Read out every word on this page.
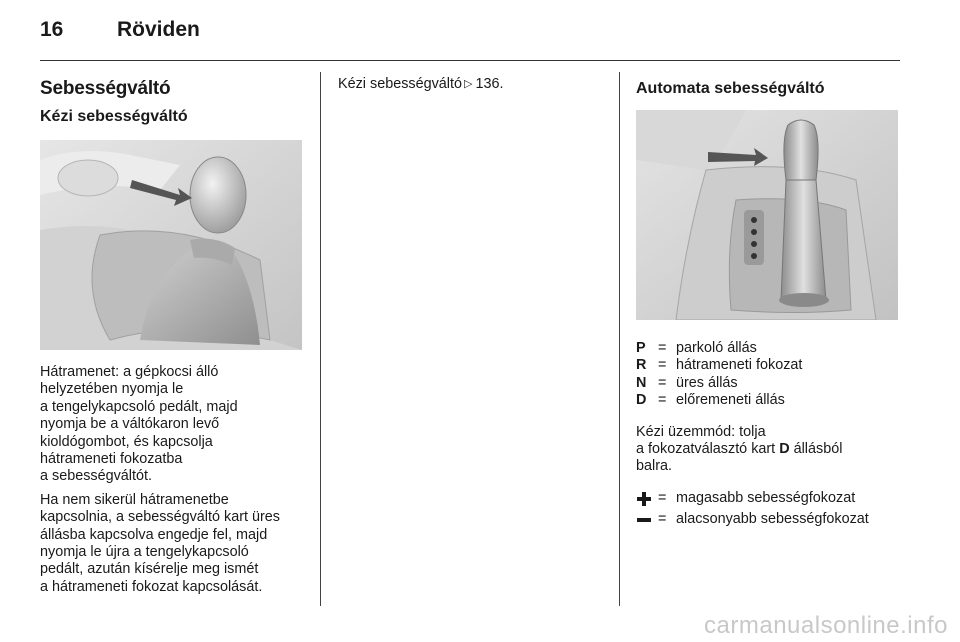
16	Röviden
Sebességváltó
Kézi sebességváltó
Hátramenet: a gépkocsi álló
helyzetében nyomja le
a tengelykapcsoló pedált, majd
nyomja be a váltókaron levő
kioldógombot, és kapcsolja
hátrameneti fokozatba
a sebességváltót.
Ha nem sikerül hátramenetbe
kapcsolnia, a sebességváltó kart üres
állásba kapcsolva engedje fel, majd
nyomja le újra a tengelykapcsoló
pedált, azután kísérelje meg ismét
a hátrameneti fokozat kapcsolását.
Kézi sebességváltó ▷ 136.	Automata sebességváltó
P = parkoló állás
R = hátrameneti fokozat
N = üres állás
D = előremeneti állás
Kézi üzemmód: tolja
a fokozatválasztó kart D állásból
balra.
= magasabb sebességfokozat
= alacsonyabb sebességfokozat
carmanualsonline.info
